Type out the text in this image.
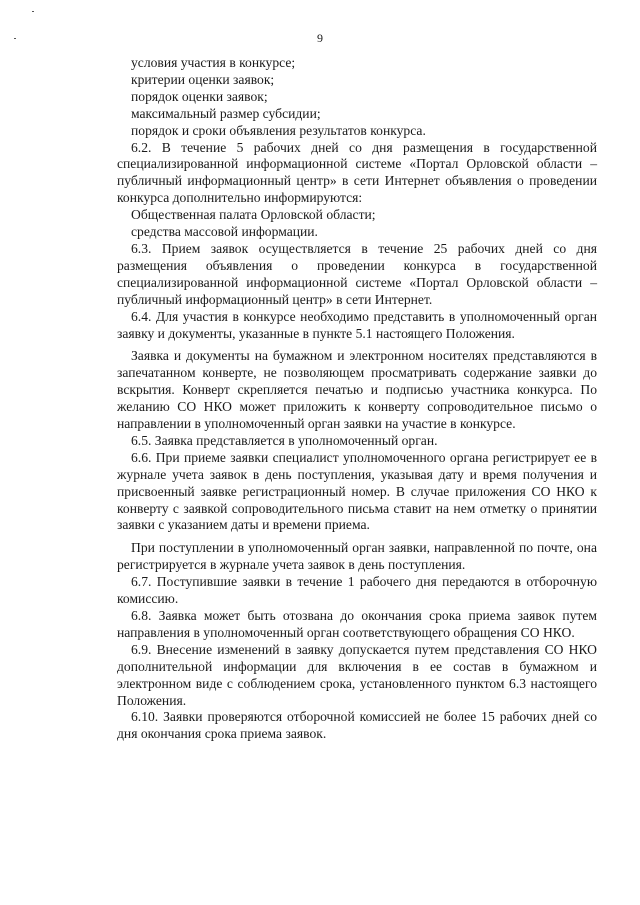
9

условия участия в конкурсе;

критерии оценки заявок;

порядок оценки заявок;

максимальный размер субсидии;

порядок и сроки объявления результатов конкурса.

6.2. В течение 5 рабочих дней со дня размещения в государственной специализированной информационной системе «Портал Орловской области – публичный информационный центр» в сети Интернет объявления о проведении конкурса дополнительно информируются:

Общественная палата Орловской области;

средства массовой информации.

6.3. Прием заявок осуществляется в течение 25 рабочих дней со дня размещения объявления о проведении конкурса в государственной специализированной информационной системе «Портал Орловской области – публичный информационный центр» в сети Интернет.

6.4. Для участия в конкурсе необходимо представить в уполномоченный орган заявку и документы, указанные в пункте 5.1 настоящего Положения.

Заявка и документы на бумажном и электронном носителях представляются в запечатанном конверте, не позволяющем просматривать содержание заявки до вскрытия. Конверт скрепляется печатью и подписью участника конкурса. По желанию СО НКО может приложить к конверту сопроводительное письмо о направлении в уполномоченный орган заявки на участие в конкурсе.

6.5. Заявка представляется в уполномоченный орган.

6.6. При приеме заявки специалист уполномоченного органа регистрирует ее в журнале учета заявок в день поступления, указывая дату и время получения и присвоенный заявке регистрационный номер. В случае приложения СО НКО к конверту с заявкой сопроводительного письма ставит на нем отметку о принятии заявки с указанием даты и времени приема.

При поступлении в уполномоченный орган заявки, направленной по почте, она регистрируется в журнале учета заявок в день поступления.

6.7. Поступившие заявки в течение 1 рабочего дня передаются в отборочную комиссию.

6.8. Заявка может быть отозвана до окончания срока приема заявок путем направления в уполномоченный орган соответствующего обращения СО НКО.

6.9. Внесение изменений в заявку допускается путем представления СО НКО дополнительной информации для включения в ее состав в бумажном и электронном виде с соблюдением срока, установленного пунктом 6.3 настоящего Положения.

6.10. Заявки проверяются отборочной комиссией не более 15 рабочих дней со дня окончания срока приема заявок.
